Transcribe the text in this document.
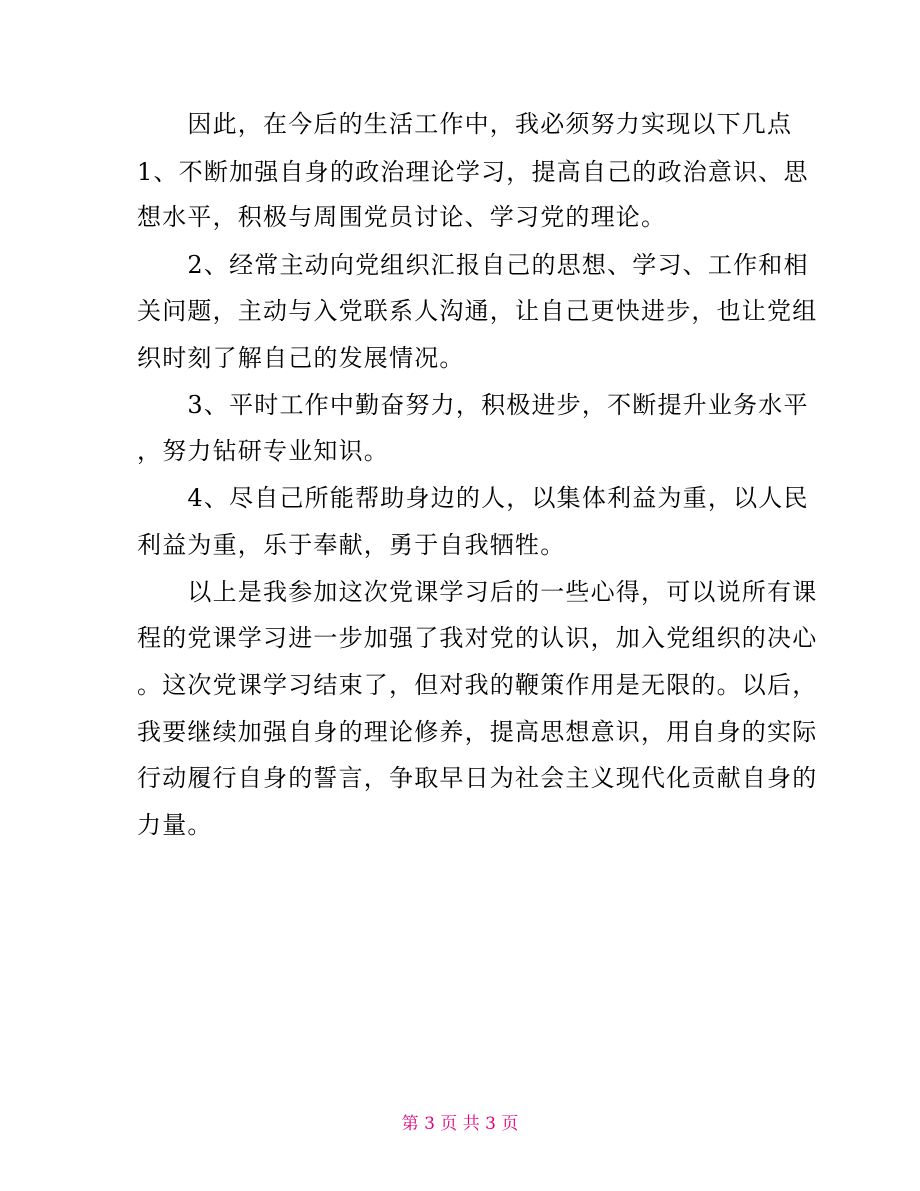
　　因此，在今后的生活工作中，我必须努力实现以下几点
1、不断加强自身的政治理论学习，提高自己的政治意识、思
想水平，积极与周围党员讨论、学习党的理论。
　　2、经常主动向党组织汇报自己的思想、学习、工作和相
关问题，主动与入党联系人沟通，让自己更快进步，也让党组
织时刻了解自己的发展情况。
　　3、平时工作中勤奋努力，积极进步，不断提升业务水平
，努力钻研专业知识。
　　4、尽自己所能帮助身边的人，以集体利益为重，以人民
利益为重，乐于奉献，勇于自我牺牲。
　　以上是我参加这次党课学习后的一些心得，可以说所有课
程的党课学习进一步加强了我对党的认识，加入党组织的决心
。这次党课学习结束了，但对我的鞭策作用是无限的。以后，
我要继续加强自身的理论修养，提高思想意识，用自身的实际
行动履行自身的誓言，争取早日为社会主义现代化贡献自身的
力量。
第 3 页 共 3 页
